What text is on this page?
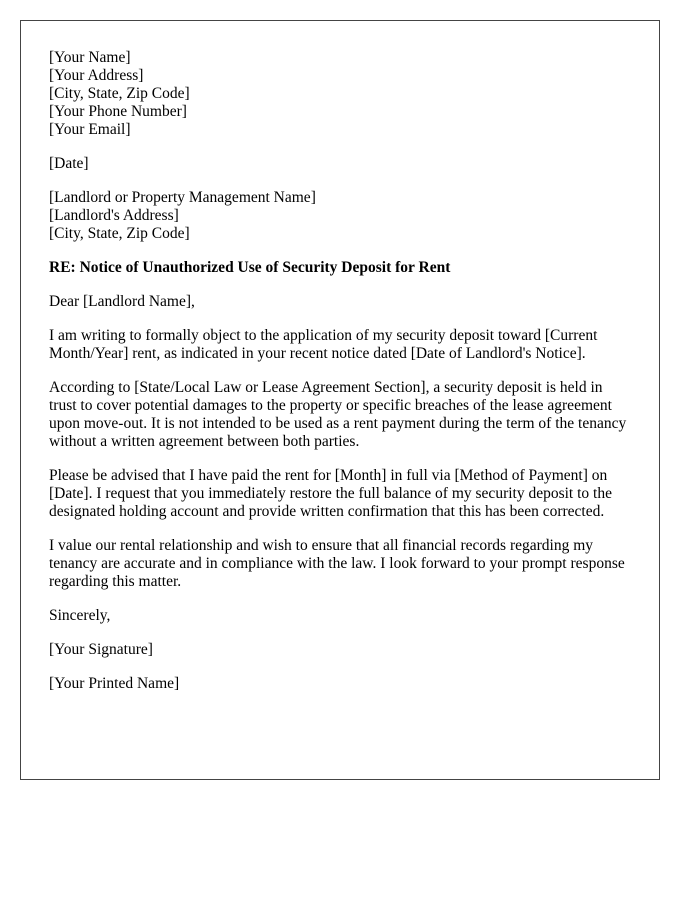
[Your Name]
[Your Address]
[City, State, Zip Code]
[Your Phone Number]
[Your Email]
[Date]
[Landlord or Property Management Name]
[Landlord's Address]
[City, State, Zip Code]

RE: Notice of Unauthorized Use of Security Deposit for Rent

Dear [Landlord Name],

I am writing to formally object to the application of my security deposit toward [Current Month/Year] rent, as indicated in your recent notice dated [Date of Landlord's Notice].

According to [State/Local Law or Lease Agreement Section], a security deposit is held in trust to cover potential damages to the property or specific breaches of the lease agreement upon move-out. It is not intended to be used as a rent payment during the term of the tenancy without a written agreement between both parties.

Please be advised that I have paid the rent for [Month] in full via [Method of Payment] on [Date]. I request that you immediately restore the full balance of my security deposit to the designated holding account and provide written confirmation that this has been corrected.

I value our rental relationship and wish to ensure that all financial records regarding my tenancy are accurate and in compliance with the law. I look forward to your prompt response regarding this matter.

Sincerely,

[Your Signature]

[Your Printed Name]
